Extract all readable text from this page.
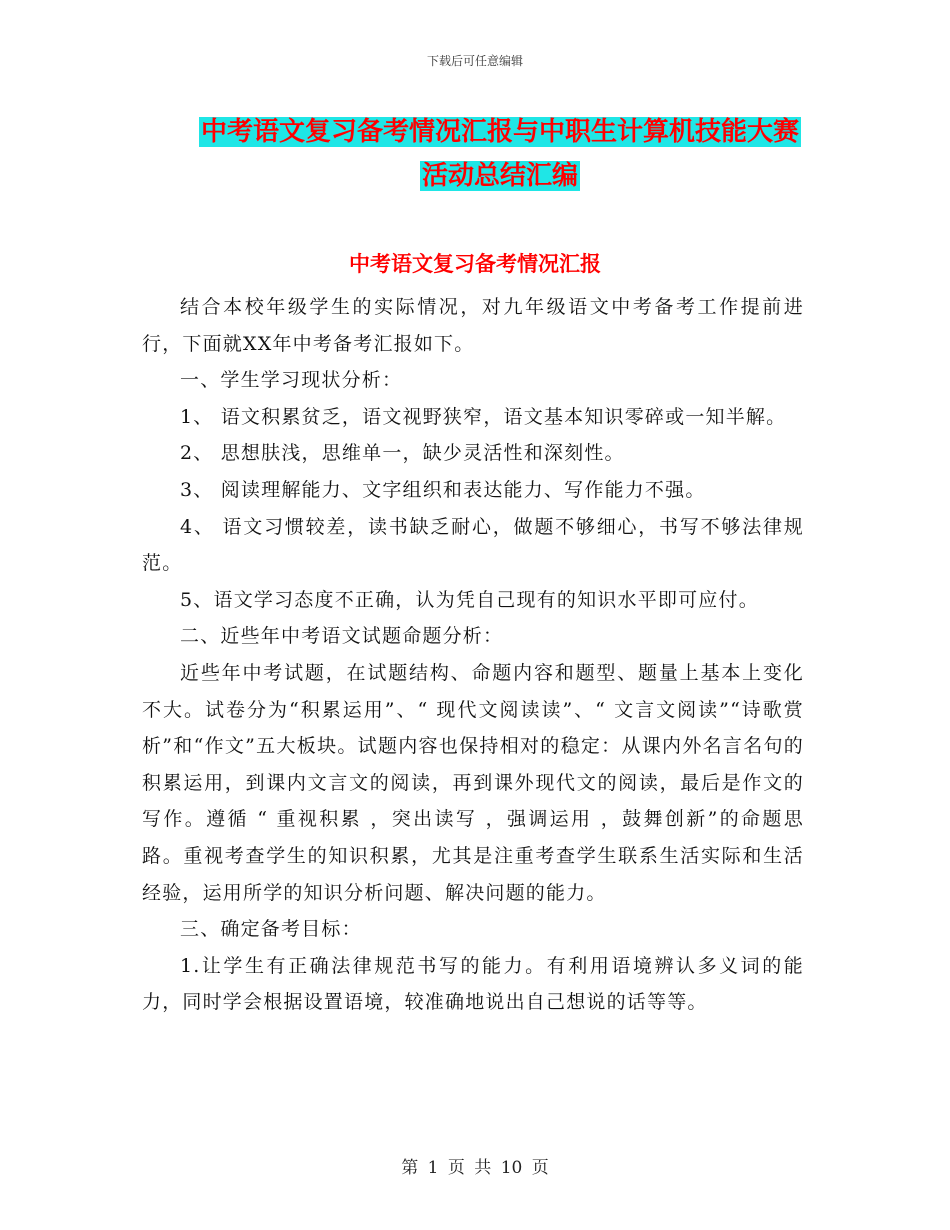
下载后可任意编辑
中考语文复习备考情况汇报与中职生计算机技能大赛
活动总结汇编
中考语文复习备考情况汇报

结合本校年级学生的实际情况，对九年级语文中考备考工作提前进行，下面就XX年中考备考汇报如下。

一、学生学习现状分析：

1、 语文积累贫乏，语文视野狭窄，语文基本知识零碎或一知半解。

2、 思想肤浅，思维单一，缺少灵活性和深刻性。

3、 阅读理解能力、文字组织和表达能力、写作能力不强。

4、 语文习惯较差，读书缺乏耐心，做题不够细心，书写不够法律规范。

5、语文学习态度不正确，认为凭自己现有的知识水平即可应付。

二、近些年中考语文试题命题分析：

近些年中考试题，在试题结构、命题内容和题型、题量上基本上变化不大。试卷分为“积累运用”、“ 现代文阅读读”、“ 文言文阅读”“诗歌赏析”和“作文”五大板块。试题内容也保持相对的稳定：从课内外名言名句的积累运用，到课内文言文的阅读，再到课外现代文的阅读，最后是作文的写作。遵循 “ 重视积累 ，突出读写 ，强调运用 ，鼓舞创新”的命题思路。重视考查学生的知识积累，尤其是注重考查学生联系生活实际和生活经验，运用所学的知识分析问题、解决问题的能力。

三、确定备考目标：

1.让学生有正确法律规范书写的能力。有利用语境辨认多义词的能力，同时学会根据设置语境，较准确地说出自己想说的话等等。

第 1 页 共 10 页
